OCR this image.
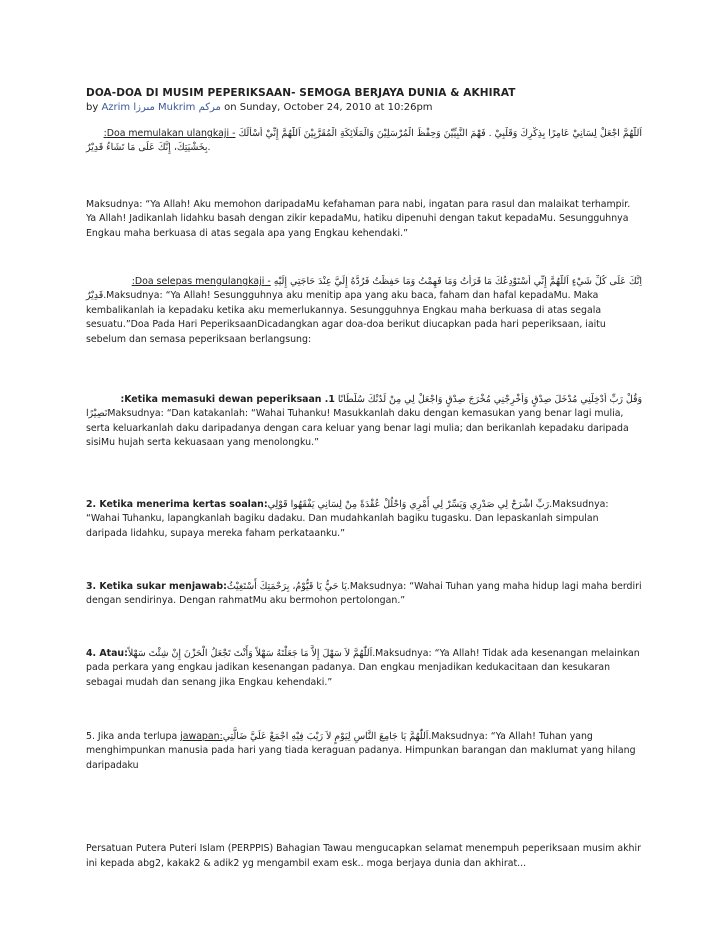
DOA-DOA DI MUSIM PEPERIKSAAN- SEMOGA BERJAYA DUNIA & AKHIRAT
by Azrim مىرزا Mukrim مرکم on Sunday, October 24, 2010 at 10:26pm
اَللّٰهُمَّ اجْعَلْ لِسَانِيْ عَامِرًا بِذِكْرِكَ وَقَلْبِيْ . فَهْمَ النَّبِيِّيْنَ وَحِفْظَ الْمُرْسَلِيْنَ وَالْمَلَائِكَةِ الْمُقَرَّبِيْنَ اَللّٰهُمَّ إِنِّيْ أَسْأَلُكَ - Doa memulakan ulangkaji:
بِخَشْيَتِكَ، إِنَّكَ عَلَى مَا تَشَاءُ قَدِيْرٌ.

Maksudnya: “Ya Allah! Aku memohon daripadaMu kefahaman para nabi, ingatan para rasul dan malaikat terhampir. Ya Allah! Jadikanlah lidahku basah dengan zikir kepadaMu, hatiku dipenuhi dengan takut kepadaMu. Sesungguhnya Engkau maha berkuasa di atas segala apa yang Engkau kehendaki.”

اِنَّكَ عَلَى كُلِّ شَيْءٍ اَللّٰهُمَّ إِنِّي أَسْتَوْدِعُكَ مَا قَرَأْتُ وَمَا فَهِمْتُ وَمَا حَفِظْتُ فَرُدَّهُ إِلَيَّ عِنْدَ حَاجَتِي إِلَيْهِ - Doa selepas mengulangkaji:
قَدِيْرٌ.Maksudnya: “Ya Allah! Sesungguhnya aku menitip apa yang aku baca, faham dan hafal kepadaMu. Maka kembalikanlah ia kepadaku ketika aku memerlukannya. Sesungguhnya Engkau maha berkuasa di atas segala sesuatu.”Doa Pada Hari PeperiksaanDicadangkan agar doa-doa berikut diucapkan pada hari peperiksaan, iaitu sebelum dan semasa peperiksaan berlangsung:
وَقُلْ رَبِّ أَدْخِلْنِي مُدْخَلَ صِدْقٍ وَأَخْرِجْنِي مُخْرَجَ صِدْقٍ وَاجْعَلْ لِي مِنْ لَدُنْكَ سُلْطَانًا 1. Ketika memasuki dewan peperiksaan:
نَصِيْرًاMaksudnya: “Dan katakanlah: “Wahai Tuhanku! Masukkanlah daku dengan kemasukan yang benar lagi mulia, serta keluarkanlah daku daripadanya dengan cara keluar yang benar lagi mulia; dan berikanlah kepadaku daripada sisiMu hujah serta kekuasaan yang menolongku.”
2. Ketika menerima kertas soalan:رَبِّ اشْرَحْ لِي صَدْرِي وَيَسِّرْ لِي أَمْرِي وَاحْلُلْ عُقْدَةً مِنْ لِسَانِي يَفْقَهُوا قَوْلِي.Maksudnya: “Wahai Tuhanku, lapangkanlah bagiku dadaku. Dan mudahkanlah bagiku tugasku. Dan lepaskanlah simpulan daripada lidahku, supaya mereka faham perkataanku.”
3. Ketika sukar menjawab:يَا حَيُّ يَا قَيُّوْمُ، بِرَحْمَتِكَ أَسْتَغِيْثُ.Maksudnya: “Wahai Tuhan yang maha hidup lagi maha berdiri dengan sendirinya. Dengan rahmatMu aku bermohon pertolongan.”
4. Atau:اَللّٰهُمَّ لاَ سَهْلَ إِلاَّ مَا جَعَلْتَهُ سَهْلاً وَأَنْتَ تَجْعَلُ الْحَزْنَ إِنْ شِئْتَ سَهْلاً.Maksudnya: “Ya Allah! Tidak ada kesenangan melainkan pada perkara yang engkau jadikan kesenangan padanya. Dan engkau menjadikan kedukacitaan dan kesukaran sebagai mudah dan senang jika Engkau kehendaki.”
5. Jika anda terlupa jawapan:اَللّٰهُمَّ يَا جَامِعَ النَّاسِ لِيَوْمٍ لاَ رَيْبَ فِيْهِ اجْمَعْ عَلَيَّ ضَالَّتِي.Maksudnya: “Ya Allah! Tuhan yang menghimpunkan manusia pada hari yang tiada keraguan padanya. Himpunkan barangan dan maklumat yang hilang daripadaku

Persatuan Putera Puteri Islam (PERPPIS) Bahagian Tawau mengucapkan selamat menempuh peperiksaan musim akhir ini kepada abg2, kakak2 & adik2 yg mengambil exam esk.. moga berjaya dunia dan akhirat...
